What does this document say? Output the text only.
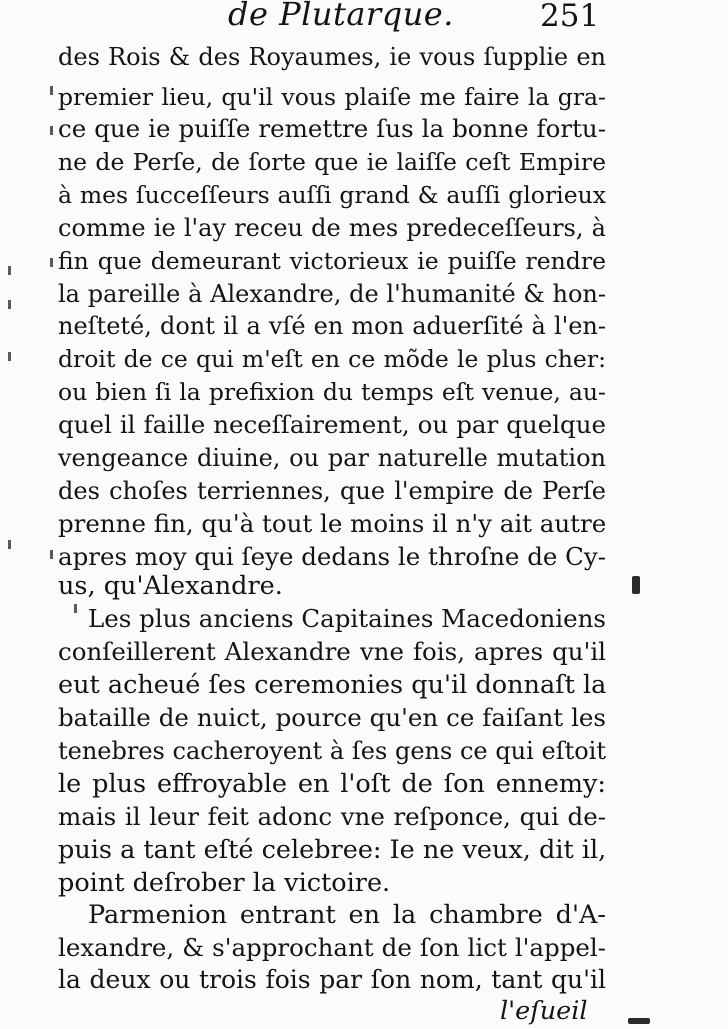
de Plutarque.	251
des Rois & des Royaumes, ie vous ſupplie en
premier lieu, qu'il vous plaiſe me faire la gra-
ce que ie puiſſe remettre ſus la bonne fortu-
ne de Perſe, de ſorte que ie laiſſe ceſt Empire
à mes ſucceſſeurs auſſi grand & auſſi glorieux
comme ie l'ay receu de mes predeceſſeurs, à
fin que demeurant victorieux ie puiſſe rendre
la pareille à Alexandre, de l'humanité & hon-
neſteté, dont il a vſé en mon aduerſité à l'en-
droit de ce qui m'eſt en ce mõde le plus cher:
ou bien ſi la prefixion du temps eſt venue, au-
quel il faille neceſſairement, ou par quelque
vengeance diuine, ou par naturelle mutation
des choſes terriennes, que l'empire de Perſe
prenne fin, qu'à tout le moins il n'y ait autre
apres moy qui ſeye dedans le throſne de Cy-
us, qu'Alexandre.
Les plus anciens Capitaines Macedoniens
conſeillerent Alexandre vne fois, apres qu'il
eut acheué ſes ceremonies qu'il donnaſt la
bataille de nuict, pource qu'en ce faiſant les
tenebres cacheroyent à ſes gens ce qui eſtoit
le plus effroyable en l'oſt de ſon ennemy:
mais il leur feit adonc vne reſponce, qui de-
puis a tant eſté celebree: Ie ne veux, dit il,
point deſrober la victoire.
Parmenion entrant en la chambre d'A-
lexandre, & s'approchant de ſon lict l'appel-
la deux ou trois fois par ſon nom, tant qu'il
l'eſueil
